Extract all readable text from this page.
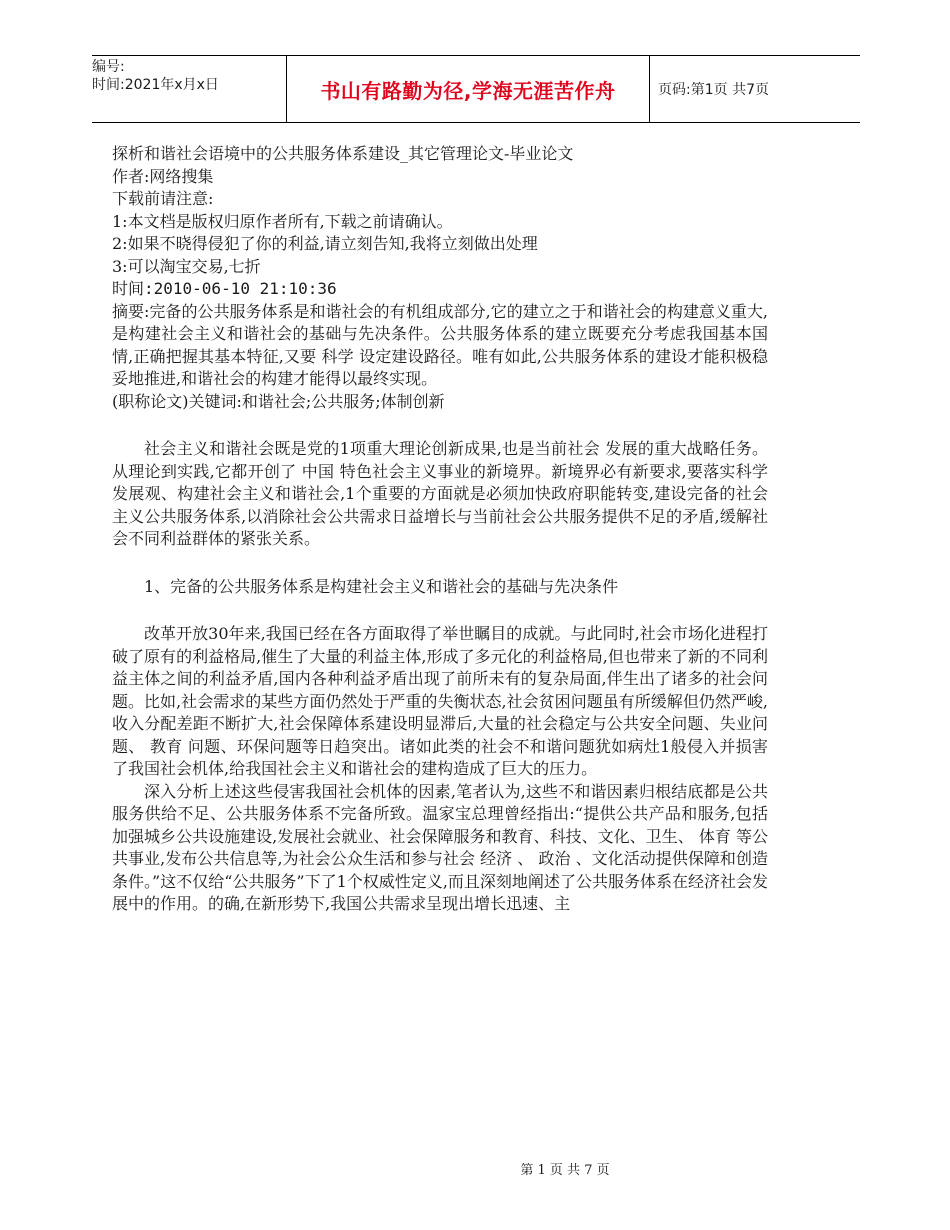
编号:
时间:2021年x月x日	书山有路勤为径,学海无涯苦作舟	页码:第1页 共7页
探析和谐社会语境中的公共服务体系建设_其它管理论文-毕业论文
作者:网络搜集
下载前请注意:
1:本文档是版权归原作者所有,下载之前请确认。
2:如果不晓得侵犯了你的利益,请立刻告知,我将立刻做出处理
3:可以淘宝交易,七折
时间:2010-06-10 21:10:36
摘要:完备的公共服务体系是和谐社会的有机组成部分,它的建立之于和谐社会的构建意义重大,是构建社会主义和谐社会的基础与先决条件。公共服务体系的建立既要充分考虑我国基本国情,正确把握其基本特征,又要 科学 设定建设路径。唯有如此,公共服务体系的建设才能积极稳妥地推进,和谐社会的构建才能得以最终实现。
(职称论文)关键词:和谐社会;公共服务;体制创新
社会主义和谐社会既是党的1项重大理论创新成果,也是当前社会 发展的重大战略任务。从理论到实践,它都开创了 中国 特色社会主义事业的新境界。新境界必有新要求,要落实科学发展观、构建社会主义和谐社会,1个重要的方面就是必须加快政府职能转变,建设完备的社会主义公共服务体系,以消除社会公共需求日益增长与当前社会公共服务提供不足的矛盾,缓解社会不同利益群体的紧张关系。
1、完备的公共服务体系是构建社会主义和谐社会的基础与先决条件
改革开放30年来,我国已经在各方面取得了举世瞩目的成就。与此同时,社会市场化进程打破了原有的利益格局,催生了大量的利益主体,形成了多元化的利益格局,但也带来了新的不同利益主体之间的利益矛盾,国内各种利益矛盾出现了前所未有的复杂局面,伴生出了诸多的社会问题。比如,社会需求的某些方面仍然处于严重的失衡状态,社会贫困问题虽有所缓解但仍然严峻,收入分配差距不断扩大,社会保障体系建设明显滞后,大量的社会稳定与公共安全问题、失业问题、 教育 问题、环保问题等日趋突出。诸如此类的社会不和谐问题犹如病灶1般侵入并损害了我国社会机体,给我国社会主义和谐社会的建构造成了巨大的压力。
深入分析上述这些侵害我国社会机体的因素,笔者认为,这些不和谐因素归根结底都是公共服务供给不足、公共服务体系不完备所致。温家宝总理曾经指出:“提供公共产品和服务,包括加强城乡公共设施建设,发展社会就业、社会保障服务和教育、科技、文化、卫生、 体育 等公共事业,发布公共信息等,为社会公众生活和参与社会 经济 、 政治 、文化活动提供保障和创造条件。”这不仅给“公共服务”下了1个权威性定义,而且深刻地阐述了公共服务体系在经济社会发展中的作用。的确,在新形势下,我国公共需求呈现出增长迅速、主
第 1 页 共 7 页
